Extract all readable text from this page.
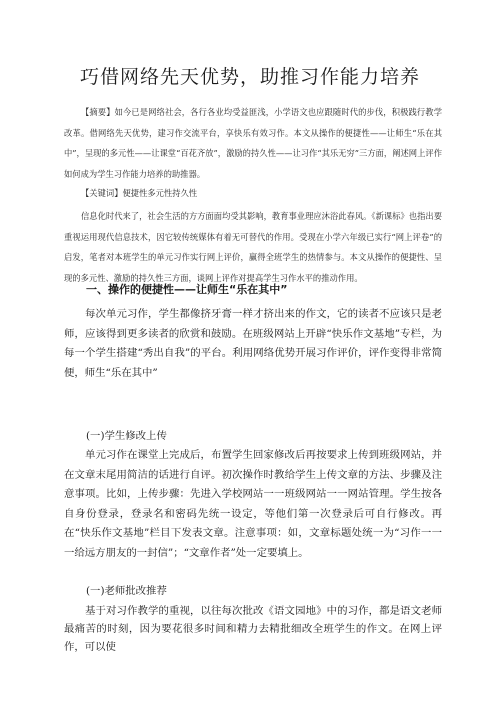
巧借网络先天优势，助推习作能力培养

【摘要】如今已是网络社会，各行各业均受益匪浅，小学语文也应跟随时代的步伐，积极践行教学改革。借网络先天优势，建习作交流平台，享快乐有效习作。本文从操作的便捷性——让师生“乐在其中”，呈现的多元性——让课堂“百花齐放”，激励的持久性——让习作“其乐无穷”三方面，阐述网上评作如何成为学生习作能力培养的助推器。

【关键词】便捷性多元性持久性

信息化时代来了，社会生活的方方面面均受其影响，教育事业理应沐浴此春风。《新课标》也指出要重视运用现代信息技术，因它较传统媒体有着无可替代的作用。受现在小学六年级已实行“网上评卷”的启发，笔者对本班学生的单元习作实行网上评价，赢得全班学生的热情参与。本文从操作的便捷性、呈现的多元性、激励的持久性三方面，谈网上评作对提高学生习作水平的推动作用。

一、操作的便捷性——让师生“乐在其中”

每次单元习作，学生都像挤牙膏一样才挤出来的作文，它的读者不应该只是老师，应该得到更多读者的欣赏和鼓励。在班级网站上开辟“快乐作文基地”专栏，为每一个学生搭建“秀出自我”的平台。利用网络优势开展习作评价，评作变得非常简便，师生“乐在其中”

(一)学生修改上传

单元习作在课堂上完成后，布置学生回家修改后再按要求上传到班级网站，并在文章末尾用简洁的话进行自评。初次操作时教给学生上传文章的方法、步骤及注意事项。比如，上传步骤：先进入学校网站一一班级网站一一网站管理。学生按各自身份登录，登录名和密码先统一设定，等他们第一次登录后可自行修改。再在“快乐作文基地”栏目下发表文章。注意事项：如，文章标题处统一为“习作一一一给远方朋友的一封信”；“文章作者”处一定要填上。

(一)老师批改推荐

基于对习作教学的重视，以往每次批改《语文园地》中的习作，都是语文老师最痛苦的时刻，因为要花很多时间和精力去精批细改全班学生的作文。在网上评作，可以使
